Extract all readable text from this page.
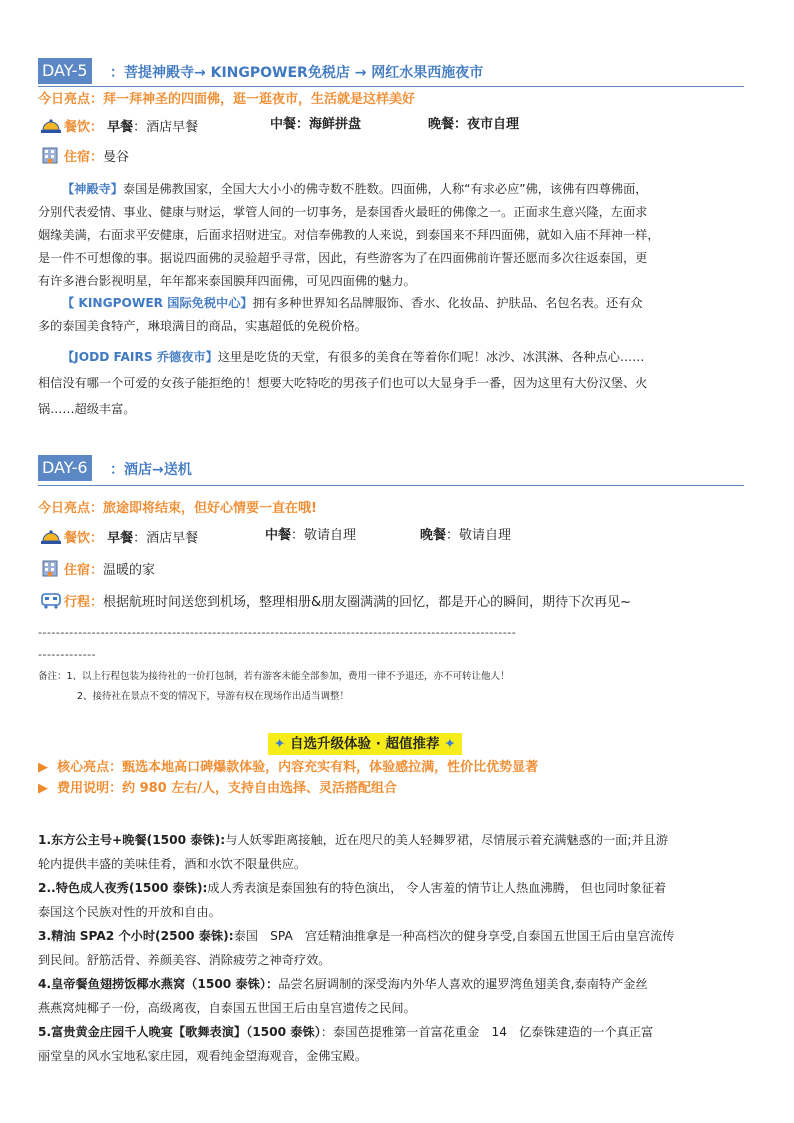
DAY-5 ：菩提神殿寺→ KINGPOWER免税店 → 网红水果西施夜市
今日亮点：拜一拜神圣的四面佛，逛一逛夜市，生活就是这样美好
餐饮： 早餐：酒店早餐	中餐：海鲜拼盘	晚餐：夜市自理
住宿：曼谷
【神殿寺】泰国是佛教国家，全国大大小小的佛寺数不胜数。四面佛，人称“有求必应”佛，该佛有四尊佛面，
分别代表爱情、事业、健康与财运，掌管人间的一切事务，是泰国香火最旺的佛像之一。正面求生意兴隆，左面求
姻缘美满，右面求平安健康，后面求招财进宝。对信奉佛教的人来说，到泰国来不拜四面佛，就如入庙不拜神一样，
是一件不可想像的事。据说四面佛的灵验超乎寻常，因此，有些游客为了在四面佛前许誓还愿而多次往返泰国，更
有许多港台影视明星，年年都来泰国膜拜四面佛，可见四面佛的魅力。
【 KINGPOWER 国际免税中心】拥有多种世界知名品牌服饰、香水、化妆品、护肤品、名包名表。还有众
多的泰国美食特产，琳琅满目的商品，实惠超低的免税价格。
【JODD FAIRS 乔德夜市】这里是吃货的天堂，有很多的美食在等着你们呢！冰沙、冰淇淋、各种点心……
相信没有哪一个可爱的女孩子能拒绝的！想要大吃特吃的男孩子们也可以大显身手一番，因为这里有大份汉堡、火
锅……超级丰富。
DAY-6 ：酒店→送机
今日亮点：旅途即将结束，但好心情要一直在哦!
餐饮： 早餐：酒店早餐	中餐：敬请自理	晚餐：敬请自理
住宿：温暖的家
行程：根据航班时间送您到机场，整理相册&朋友圈满满的回忆，都是开心的瞬间，期待下次再见~
-----------------------------------------------------------------------------------------------------------
-------------
备注：1、以上行程包装为接待社的一价打包制，若有游客未能全部参加，费用一律不予退还，亦不可转让他人！
2、接待社在景点不变的情况下，导游有权在现场作出适当调整！
✦ 自选升级体验 · 超值推荐 ✦
▶ 核心亮点：甄选本地高口碑爆款体验，内容充实有料，体验感拉满，性价比优势显著
▶ 费用说明：约 980 左右/人，支持自由选择、灵活搭配组合
1.东方公主号+晚餐(1500 泰铢):与人妖零距离接触，近在咫尺的美人轻舞罗裙，尽情展示着充满魅惑的一面;并且游
轮内提供丰盛的美味佳肴，酒和水饮不限量供应。
2..特色成人夜秀(1500 泰铢):成人秀表演是泰国独有的特色演出， 令人害羞的情节让人热血沸腾， 但也同时象征着
泰国这个民族对性的开放和自由。
3.精油 SPA2 个小时(2500 泰铢):泰国　SPA　宫廷精油推拿是一种高档次的健身享受,自泰国五世国王后由皇宫流传
到民间。舒筋活骨、养颜美容、消除疲劳之神奇疗效。
4.皇帝餐鱼翅捞饭椰水燕窝（1500 泰铢）：品尝名厨调制的深受海内外华人喜欢的暹罗湾鱼翅美食,泰南特产金丝
燕燕窝炖椰子一份，高级离夜，自泰国五世国王后由皇宫遗传之民间。
5.富贵黄金庄园千人晚宴【歌舞表演】（1500 泰铢）：泰国芭提雅第一首富花重金　14　亿泰铢建造的一个真正富
丽堂皇的风水宝地私家庄园，观看纯金望海观音，金佛宝殿。
